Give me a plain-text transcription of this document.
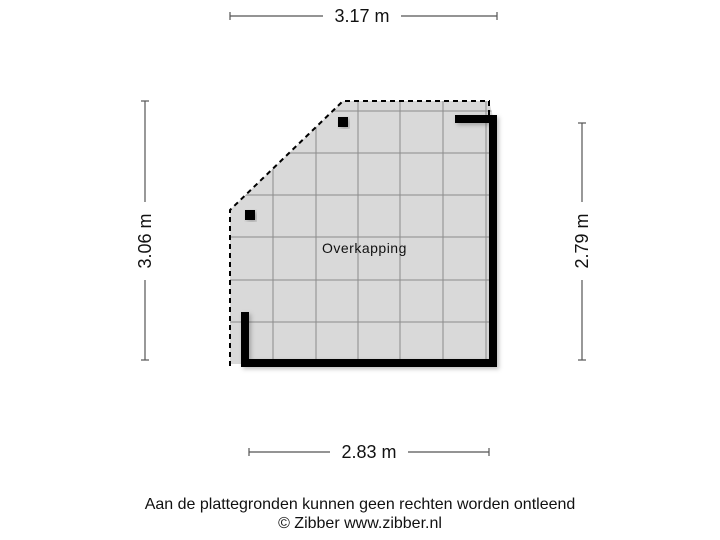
3.17 m
3.06 m	2.79 m
2.83 m
Overkapping
Aan de plattegronden kunnen geen rechten worden ontleend
© Zibber www.zibber.nl
